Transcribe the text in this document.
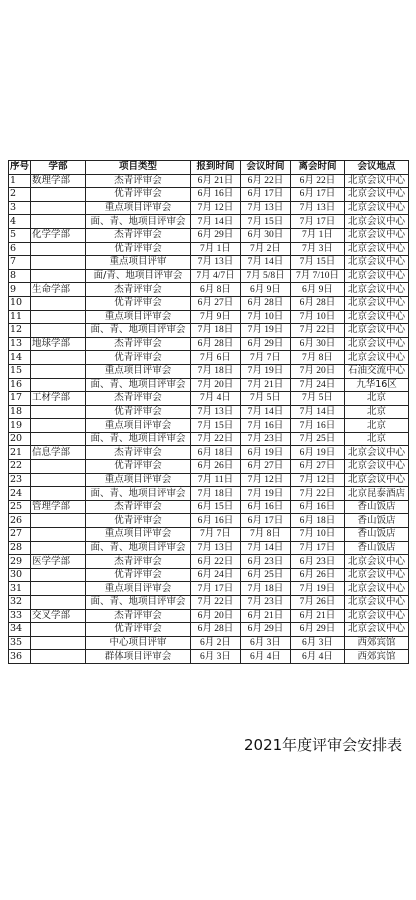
序号	学部	项目类型	报到时间	会议时间	离会时间	会议地点
1	数理学部	杰青评审会	6月 21日	6月 22日	6月 22日	北京会议中心
2		优青评审会	6月 16日	6月 17日	6月 17日	北京会议中心
3		重点项目评审会	7月 12日	7月 13日	7月 13日	北京会议中心
4		面、青、地项目评审会	7月 14日	7月 15日	7月 17日	北京会议中心
5	化学学部	杰青评审会	6月 29日	6月 30日	7月 1日	北京会议中心
6		优青评审会	7月 1日	7月 2日	7月 3日	北京会议中心
7		重点项目评审	7月 13日	7月 14日	7月 15日	北京会议中心
8		面/青、地项目评审会	7月 4/7日	7月 5/8日	7月 7/10日	北京会议中心
9	生命学部	杰青评审会	6月 8日	6月 9日	6月 9日	北京会议中心
10		优青评审会	6月 27日	6月 28日	6月 28日	北京会议中心
11		重点项目评审会	7月 9日	7月 10日	7月 10日	北京会议中心
12		面、青、地项目评审会	7月 18日	7月 19日	7月 22日	北京会议中心
13	地球学部	杰青评审会	6月 28日	6月 29日	6月 30日	北京会议中心
14		优青评审会	7月 6日	7月 7日	7月 8日	北京会议中心
15		重点项目评审会	7月 18日	7月 19日	7月 20日	石油交流中心
16		面、青、地项目评审会	7月 20日	7月 21日	7月 24日	九华16区
17	工材学部	杰青评审会	7月 4日	7月 5日	7月 5日	北京
18		优青评审会	7月 13日	7月 14日	7月 14日	北京
19		重点项目评审会	7月 15日	7月 16日	7月 16日	北京
20		面、青、地项目评审会	7月 22日	7月 23日	7月 25日	北京
21	信息学部	杰青评审会	6月 18日	6月 19日	6月 19日	北京会议中心
22		优青评审会	6月 26日	6月 27日	6月 27日	北京会议中心
23		重点项目评审会	7月 11日	7月 12日	7月 12日	北京会议中心
24		面、青、地项目评审会	7月 18日	7月 19日	7月 22日	北京昆泰酒店
25	管理学部	杰青评审会	6月 15日	6月 16日	6月 16日	香山饭店
26		优青评审会	6月 16日	6月 17日	6月 18日	香山饭店
27		重点项目评审会	7月 7日	7月 8日	7月 10日	香山饭店
28		面、青、地项目评审会	7月 13日	7月 14日	7月 17日	香山饭店
29	医学学部	杰青评审会	6月 22日	6月 23日	6月 23日	北京会议中心
30		优青评审会	6月 24日	6月 25日	6月 26日	北京会议中心
31		重点项目评审会	7月 17日	7月 18日	7月 19日	北京会议中心
32		面、青、地项目评审会	7月 22日	7月 23日	7月 26日	北京会议中心
33	交叉学部	杰青评审会	6月 20日	6月 21日	6月 21日	北京会议中心
34		优青评审会	6月 28日	6月 29日	6月 29日	北京会议中心
35		中心项目评审	6月 2日	6月 3日	6月 3日	西郊宾馆
36		群体项目评审会	6月 3日	6月 4日	6月 4日	西郊宾馆
2021年度评审会安排表
